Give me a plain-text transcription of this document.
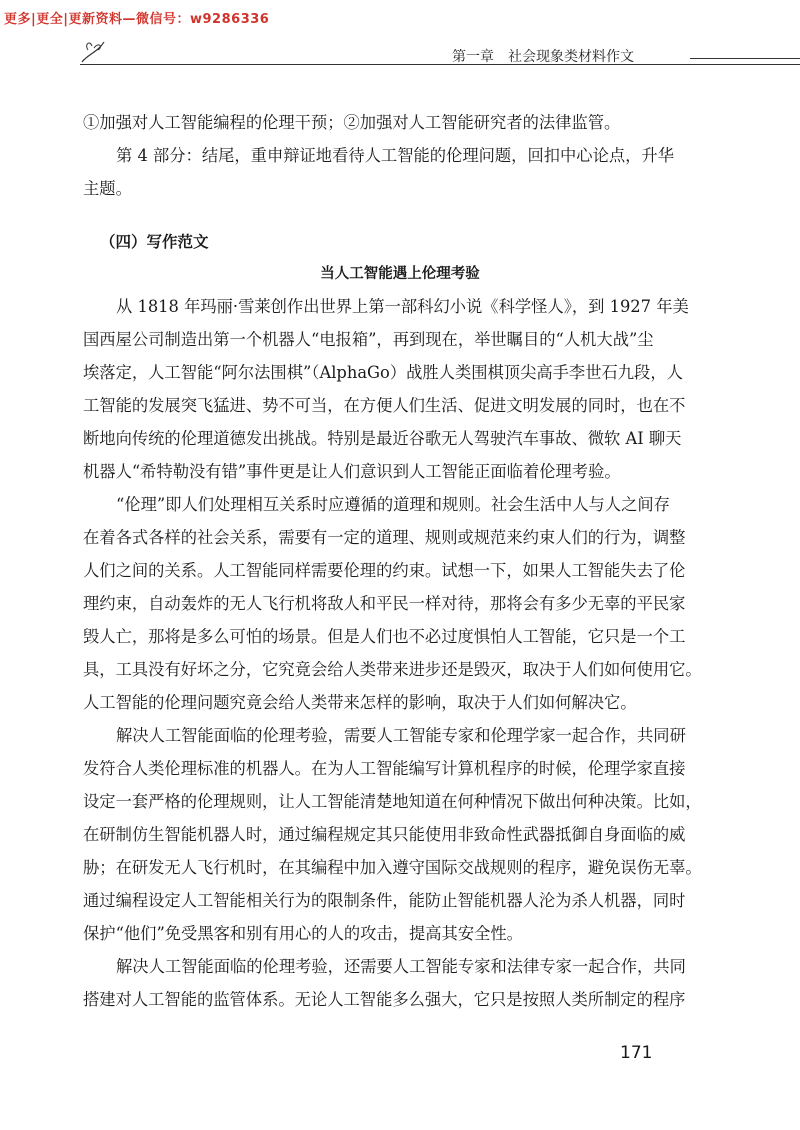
更多|更全|更新资料—微信号：w9286336
第一章 社会现象类材料作文
①加强对人工智能编程的伦理干预；②加强对人工智能研究者的法律监管。
第 4 部分：结尾，重申辩证地看待人工智能的伦理问题，回扣中心论点，升华
主题。
（四）写作范文
当人工智能遇上伦理考验
从 1818 年玛丽·雪莱创作出世界上第一部科幻小说《科学怪人》，到 1927 年美
国西屋公司制造出第一个机器人“电报箱”，再到现在，举世瞩目的“人机大战”尘
埃落定，人工智能“阿尔法围棋”（AlphaGo）战胜人类围棋顶尖高手李世石九段，人
工智能的发展突飞猛进、势不可当，在方便人们生活、促进文明发展的同时，也在不
断地向传统的伦理道德发出挑战。特别是最近谷歌无人驾驶汽车事故、微软 AI 聊天
机器人“希特勒没有错”事件更是让人们意识到人工智能正面临着伦理考验。
“伦理”即人们处理相互关系时应遵循的道理和规则。社会生活中人与人之间存
在着各式各样的社会关系，需要有一定的道理、规则或规范来约束人们的行为，调整
人们之间的关系。人工智能同样需要伦理的约束。试想一下，如果人工智能失去了伦
理约束，自动轰炸的无人飞行机将敌人和平民一样对待，那将会有多少无辜的平民家
毁人亡，那将是多么可怕的场景。但是人们也不必过度惧怕人工智能，它只是一个工
具，工具没有好坏之分，它究竟会给人类带来进步还是毁灭，取决于人们如何使用它。
人工智能的伦理问题究竟会给人类带来怎样的影响，取决于人们如何解决它。
解决人工智能面临的伦理考验，需要人工智能专家和伦理学家一起合作，共同研
发符合人类伦理标准的机器人。在为人工智能编写计算机程序的时候，伦理学家直接
设定一套严格的伦理规则，让人工智能清楚地知道在何种情况下做出何种决策。比如，
在研制仿生智能机器人时，通过编程规定其只能使用非致命性武器抵御自身面临的威
胁；在研发无人飞行机时，在其编程中加入遵守国际交战规则的程序，避免误伤无辜。
通过编程设定人工智能相关行为的限制条件，能防止智能机器人沦为杀人机器，同时
保护“他们”免受黑客和别有用心的人的攻击，提高其安全性。
解决人工智能面临的伦理考验，还需要人工智能专家和法律专家一起合作，共同
搭建对人工智能的监管体系。无论人工智能多么强大，它只是按照人类所制定的程序
171
